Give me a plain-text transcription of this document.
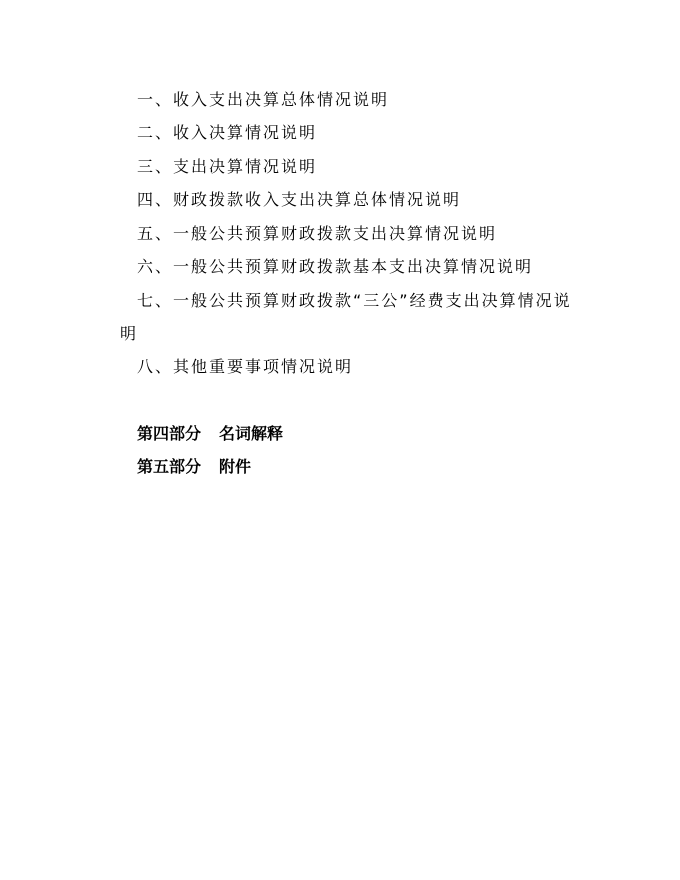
一、收入支出决算总体情况说明
二、收入决算情况说明
三、支出决算情况说明
四、财政拨款收入支出决算总体情况说明
五、一般公共预算财政拨款支出决算情况说明
六、一般公共预算财政拨款基本支出决算情况说明
七、一般公共预算财政拨款“三公”经费支出决算情况说
明
八、其他重要事项情况说明
第四部分 名词解释
第五部分 附件
